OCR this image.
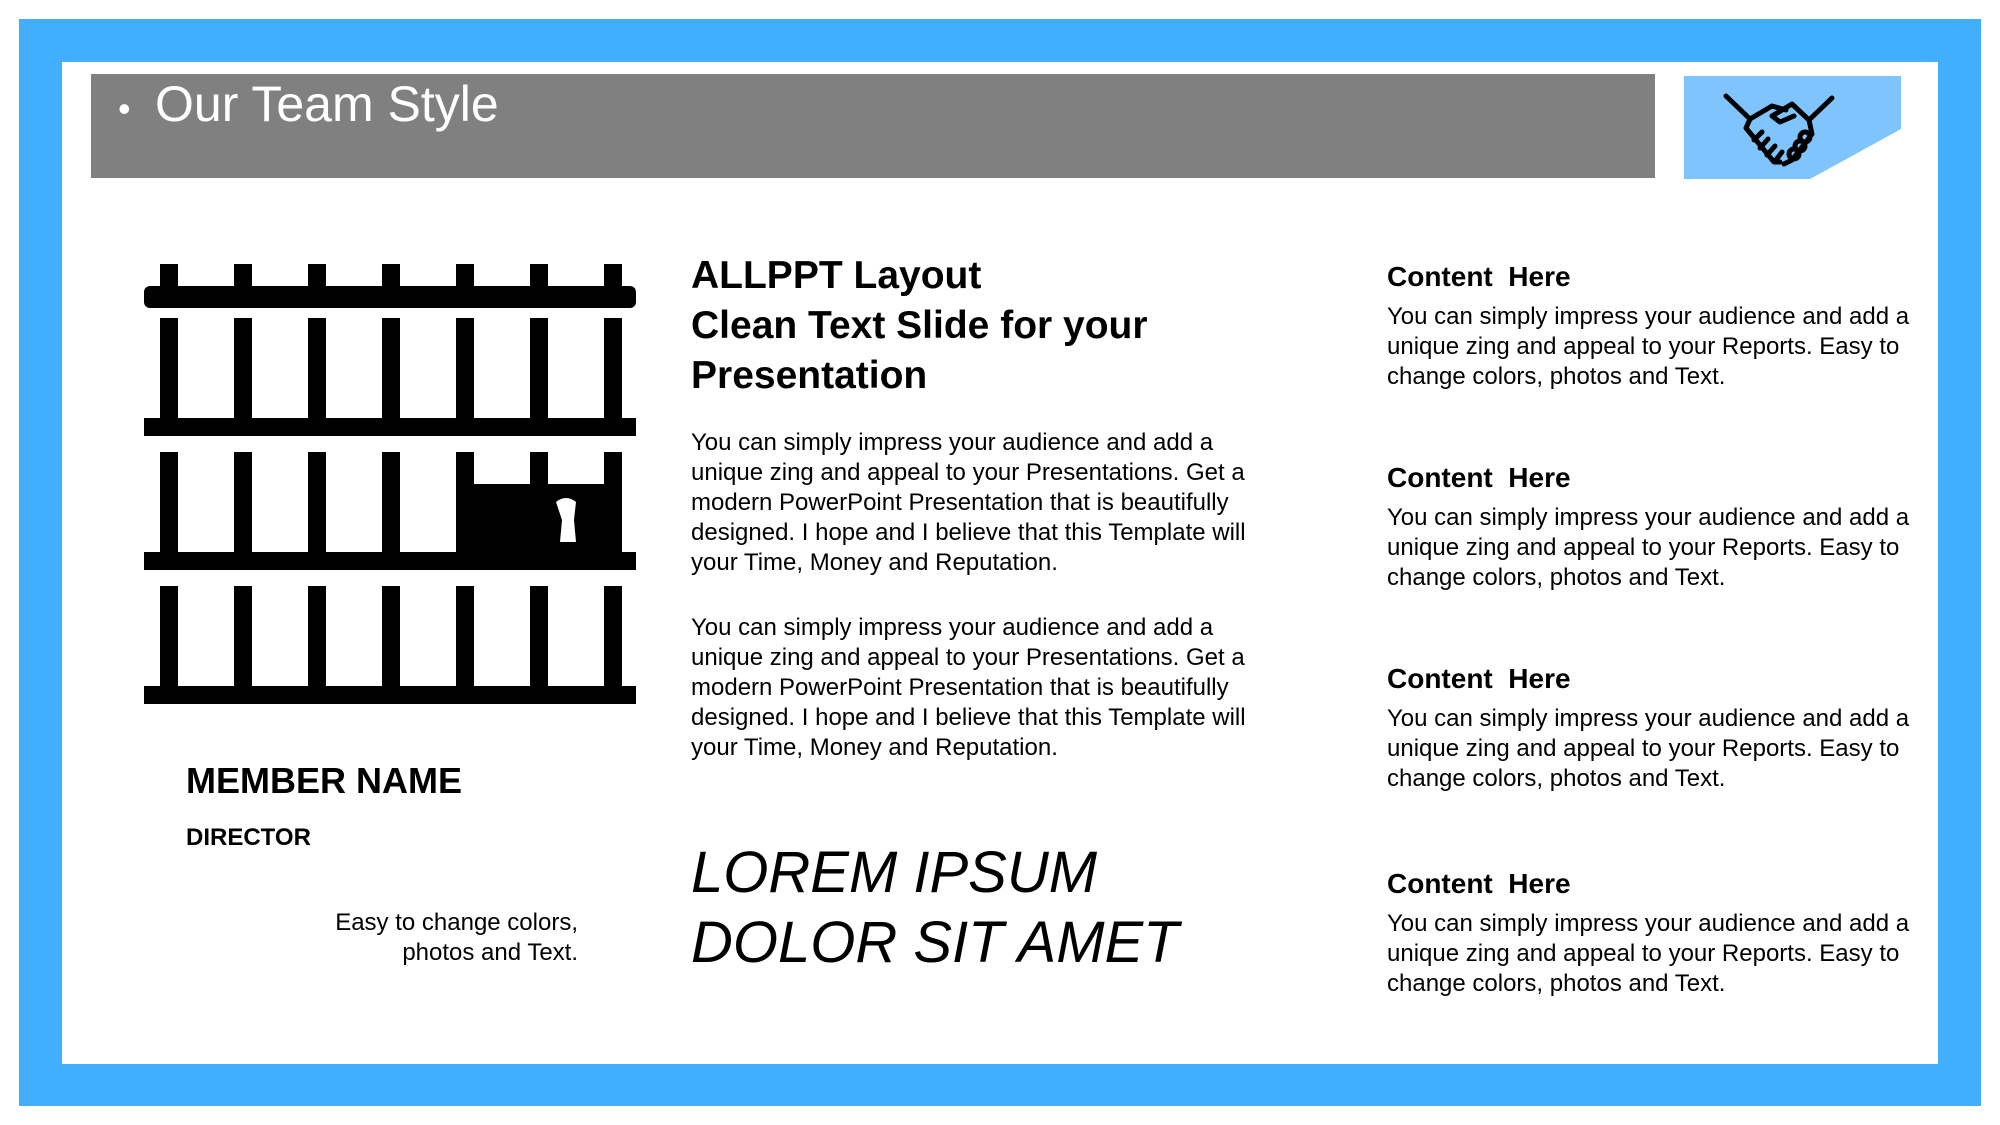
• Our Team Style
MEMBER NAME
DIRECTOR
Easy to change colors, photos and Text.
ALLPPT Layout
Clean Text Slide for your
Presentation
You can simply impress your audience and add a unique zing and appeal to your Presentations. Get a modern PowerPoint Presentation that is beautifully designed. I hope and I believe that this Template will your Time, Money and Reputation.
You can simply impress your audience and add a unique zing and appeal to your Presentations. Get a modern PowerPoint Presentation that is beautifully designed. I hope and I believe that this Template will your Time, Money and Reputation.
LOREM IPSUM
DOLOR SIT AMET
Content  Here
You can simply impress your audience and add a unique zing and appeal to your Reports. Easy to change colors, photos and Text.
Content  Here
You can simply impress your audience and add a unique zing and appeal to your Reports. Easy to change colors, photos and Text.
Content  Here
You can simply impress your audience and add a unique zing and appeal to your Reports. Easy to change colors, photos and Text.
Content  Here
You can simply impress your audience and add a unique zing and appeal to your Reports. Easy to change colors, photos and Text.
